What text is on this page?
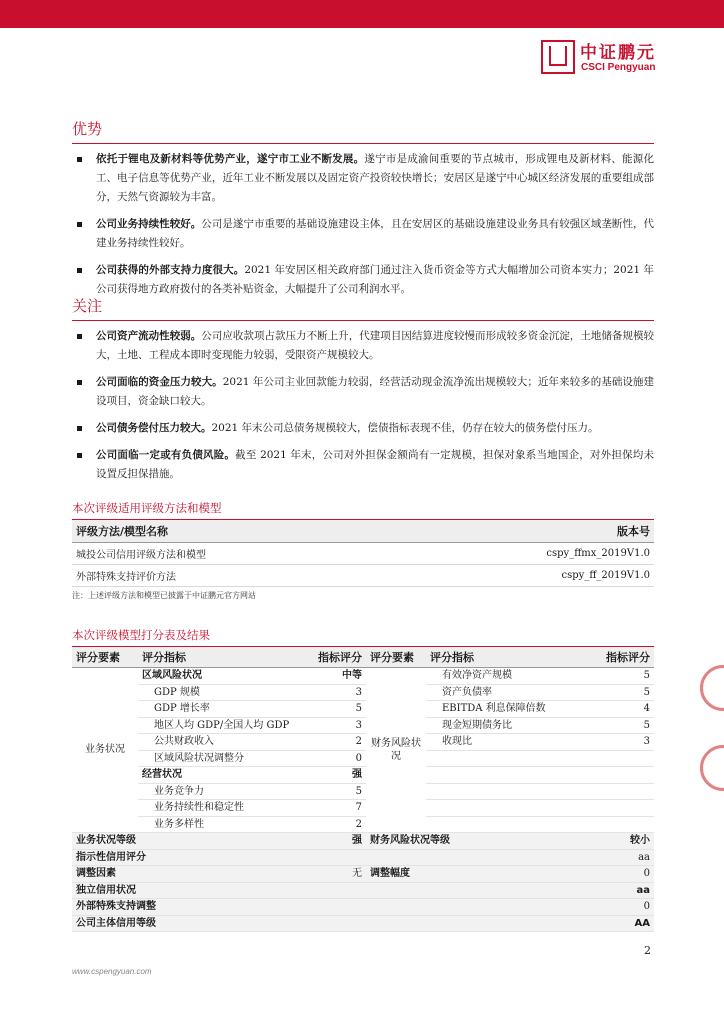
中证鹏元
CSCI Pengyuan
优势
依托于锂电及新材料等优势产业，遂宁市工业不断发展。遂宁市是成渝间重要的节点城市，形成锂电及新材料、能源化工、电子信息等优势产业，近年工业不断发展以及固定资产投资较快增长；安居区是遂宁中心城区经济发展的重要组成部分，天然气资源较为丰富。
公司业务持续性较好。公司是遂宁市重要的基础设施建设主体，且在安居区的基础设施建设业务具有较强区域垄断性，代建业务持续性较好。
公司获得的外部支持力度很大。2021 年安居区相关政府部门通过注入货币资金等方式大幅增加公司资本实力；2021 年公司获得地方政府拨付的各类补贴资金，大幅提升了公司利润水平。
关注
公司资产流动性较弱。公司应收款项占款压力不断上升，代建项目因结算进度较慢而形成较多资金沉淀，土地储备规模较大，土地、工程成本即时变现能力较弱，受限资产规模较大。
公司面临的资金压力较大。2021 年公司主业回款能力较弱，经营活动现金流净流出规模较大；近年来较多的基础设施建设项目，资金缺口较大。
公司债务偿付压力较大。2021 年末公司总债务规模较大，偿债指标表现不佳，仍存在较大的债务偿付压力。
公司面临一定或有负债风险。截至 2021 年末，公司对外担保金额尚有一定规模，担保对象系当地国企，对外担保均未设置反担保措施。
本次评级适用评级方法和模型
评级方法/模型名称	版本号
城投公司信用评级方法和模型	cspy_ffmx_2019V1.0
外部特殊支持评价方法	cspy_ff_2019V1.0
注：上述评级方法和模型已披露于中证鹏元官方网站
本次评级模型打分表及结果
评分要素	评分指标	指标评分	评分要素	评分指标	指标评分
业务状况	区域风险状况	中等	财务风险状况	有效净资产规模	5
	GDP 规模	3		资产负债率	5
	GDP 增长率	5		EBITDA 利息保障倍数	4
	地区人均 GDP/全国人均 GDP	3		现金短期债务比	5
	公共财政收入	2		收现比	3
	区域风险状况调整分	0			
	经营状况	强			
	业务竞争力	5			
	业务持续性和稳定性	7			
	业务多样性	2			
业务状况等级		强	财务风险状况等级		较小
指示性信用评分					aa
调整因素		无	调整幅度		0
独立信用状况					aa
外部特殊支持调整					0
公司主体信用等级					AA
2
www.cspengyuan.com
